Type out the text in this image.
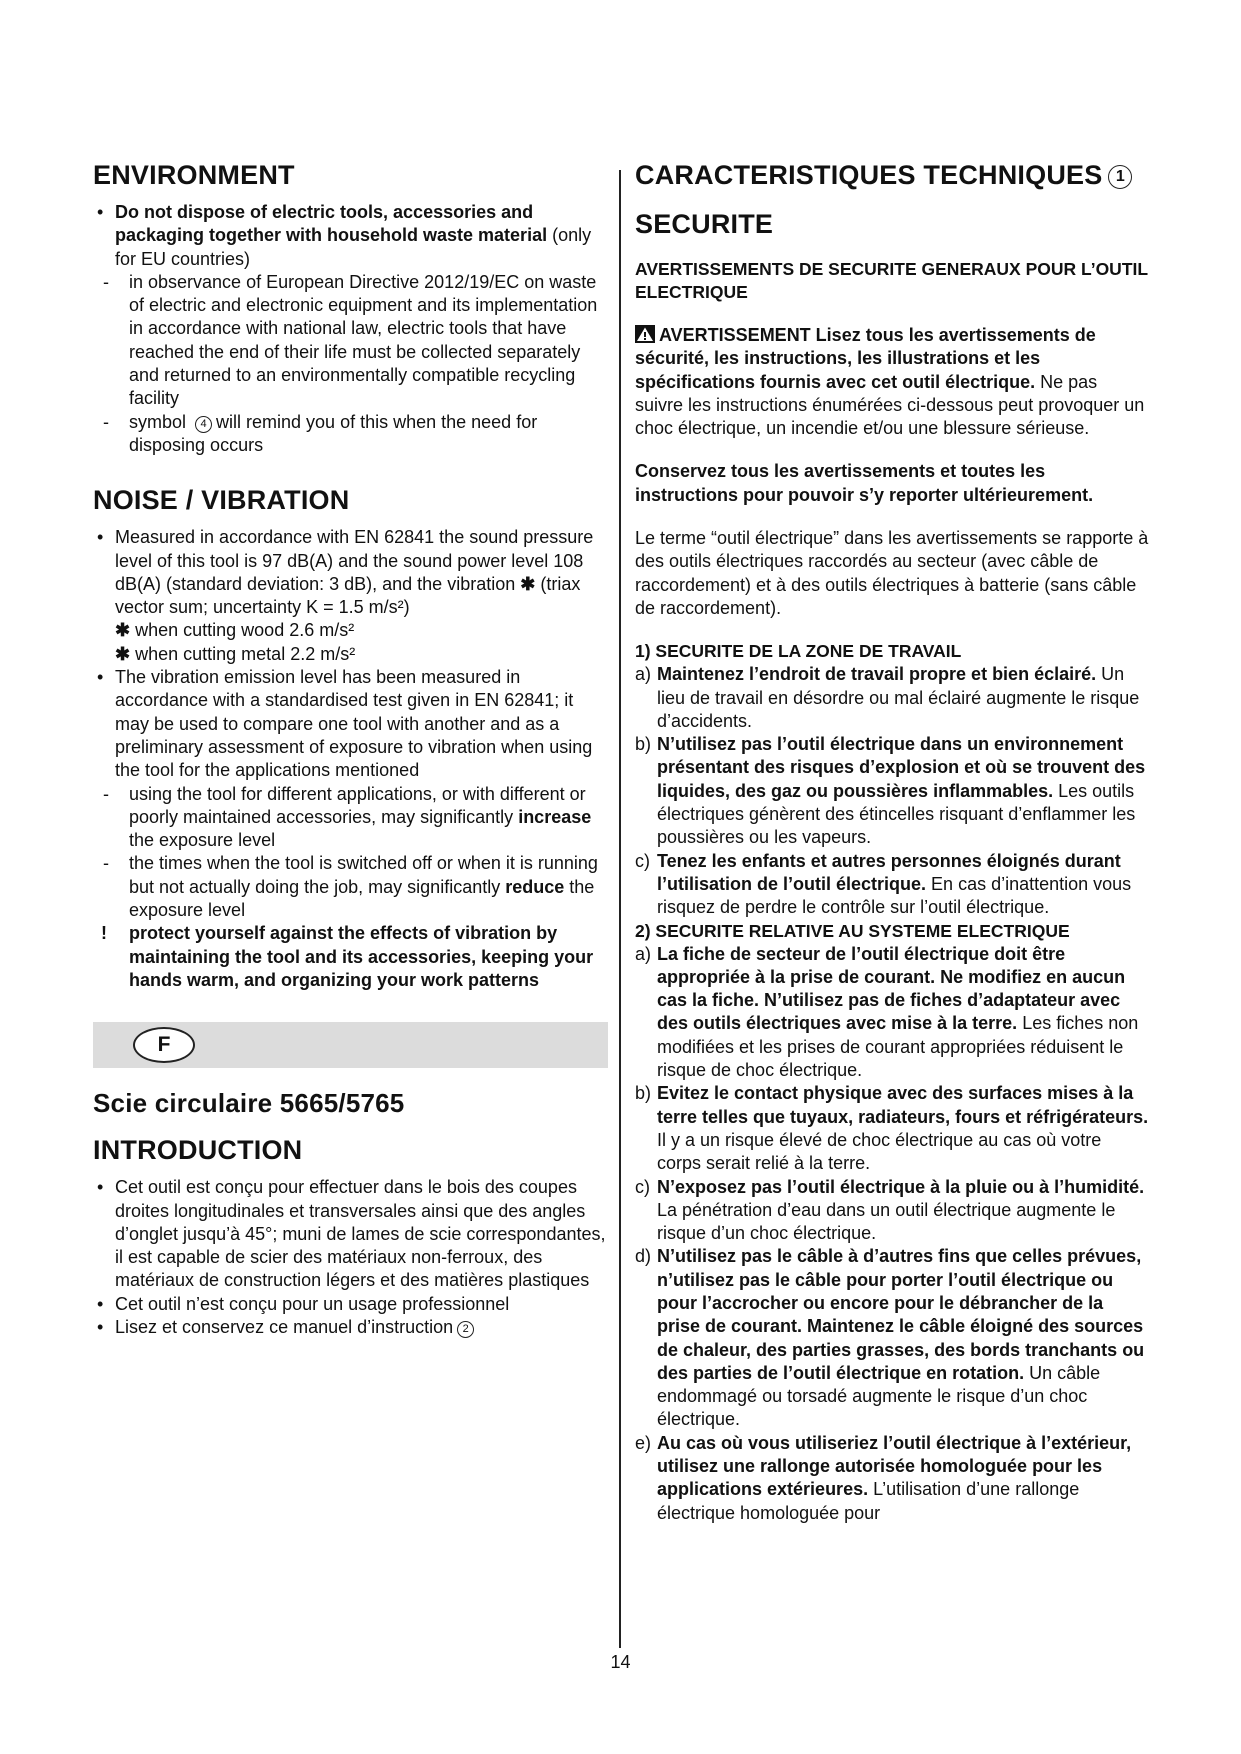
ENVIRONMENT
• Do not dispose of electric tools, accessories and packaging together with household waste material (only for EU countries)
- in observance of European Directive 2012/19/EC on waste of electric and electronic equipment and its implementation in accordance with national law, electric tools that have reached the end of their life must be collected separately and returned to an environmentally compatible recycling facility
- symbol 4 will remind you of this when the need for disposing occurs
NOISE / VIBRATION
• Measured in accordance with EN 62841 the sound pressure level of this tool is 97 dB(A) and the sound power level 108 dB(A) (standard deviation: 3 dB), and the vibration ✱ (triax vector sum; uncertainty K = 1.5 m/s²)
✱ when cutting wood 2.6 m/s²
✱ when cutting metal 2.2 m/s²
• The vibration emission level has been measured in accordance with a standardised test given in EN 62841; it may be used to compare one tool with another and as a preliminary assessment of exposure to vibration when using the tool for the applications mentioned
- using the tool for different applications, or with different or poorly maintained accessories, may significantly increase the exposure level
- the times when the tool is switched off or when it is running but not actually doing the job, may significantly reduce the exposure level
! protect yourself against the effects of vibration by maintaining the tool and its accessories, keeping your hands warm, and organizing your work patterns
F
Scie circulaire 5665/5765
INTRODUCTION
• Cet outil est conçu pour effectuer dans le bois des coupes droites longitudinales et transversales ainsi que des angles d’onglet jusqu’à 45°; muni de lames de scie correspondantes, il est capable de scier des matériaux non-ferroux, des matériaux de construction légers et des matières plastiques
• Cet outil n’est conçu pour un usage professionnel
• Lisez et conservez ce manuel d’instruction 2
CARACTERISTIQUES TECHNIQUES 1
SECURITE
AVERTISSEMENTS DE SECURITE GENERAUX POUR L’OUTIL ELECTRIQUE

AVERTISSEMENT Lisez tous les avertissements de sécurité, les instructions, les illustrations et les spécifications fournis avec cet outil électrique. Ne pas suivre les instructions énumérées ci-dessous peut provoquer un choc électrique, un incendie et/ou une blessure sérieuse.

Conservez tous les avertissements et toutes les instructions pour pouvoir s’y reporter ultérieurement.

Le terme “outil électrique” dans les avertissements se rapporte à des outils électriques raccordés au secteur (avec câble de raccordement) et à des outils électriques à batterie (sans câble de raccordement).

1) SECURITE DE LA ZONE DE TRAVAIL
a) Maintenez l’endroit de travail propre et bien éclairé. Un lieu de travail en désordre ou mal éclairé augmente le risque d’accidents.
b) N’utilisez pas l’outil électrique dans un environnement présentant des risques d’explosion et où se trouvent des liquides, des gaz ou poussières inflammables. Les outils électriques génèrent des étincelles risquant d’enflammer les poussières ou les vapeurs.
c) Tenez les enfants et autres personnes éloignés durant l’utilisation de l’outil électrique. En cas d’inattention vous risquez de perdre le contrôle sur l’outil électrique.
2) SECURITE RELATIVE AU SYSTEME ELECTRIQUE
a) La fiche de secteur de l’outil électrique doit être appropriée à la prise de courant. Ne modifiez en aucun cas la fiche. N’utilisez pas de fiches d’adaptateur avec des outils électriques avec mise à la terre. Les fiches non modifiées et les prises de courant appropriées réduisent le risque de choc électrique.
b) Evitez le contact physique avec des surfaces mises à la terre telles que tuyaux, radiateurs, fours et réfrigérateurs. Il y a un risque élevé de choc électrique au cas où votre corps serait relié à la terre.
c) N’exposez pas l’outil électrique à la pluie ou à l’humidité. La pénétration d’eau dans un outil électrique augmente le risque d’un choc électrique.
d) N’utilisez pas le câble à d’autres fins que celles prévues, n’utilisez pas le câble pour porter l’outil électrique ou pour l’accrocher ou encore pour le débrancher de la prise de courant. Maintenez le câble éloigné des sources de chaleur, des parties grasses, des bords tranchants ou des parties de l’outil électrique en rotation. Un câble endommagé ou torsadé augmente le risque d’un choc électrique.
e) Au cas où vous utiliseriez l’outil électrique à l’extérieur, utilisez une rallonge autorisée homologuée pour les applications extérieures. L’utilisation d’une rallonge électrique homologuée pour
14
